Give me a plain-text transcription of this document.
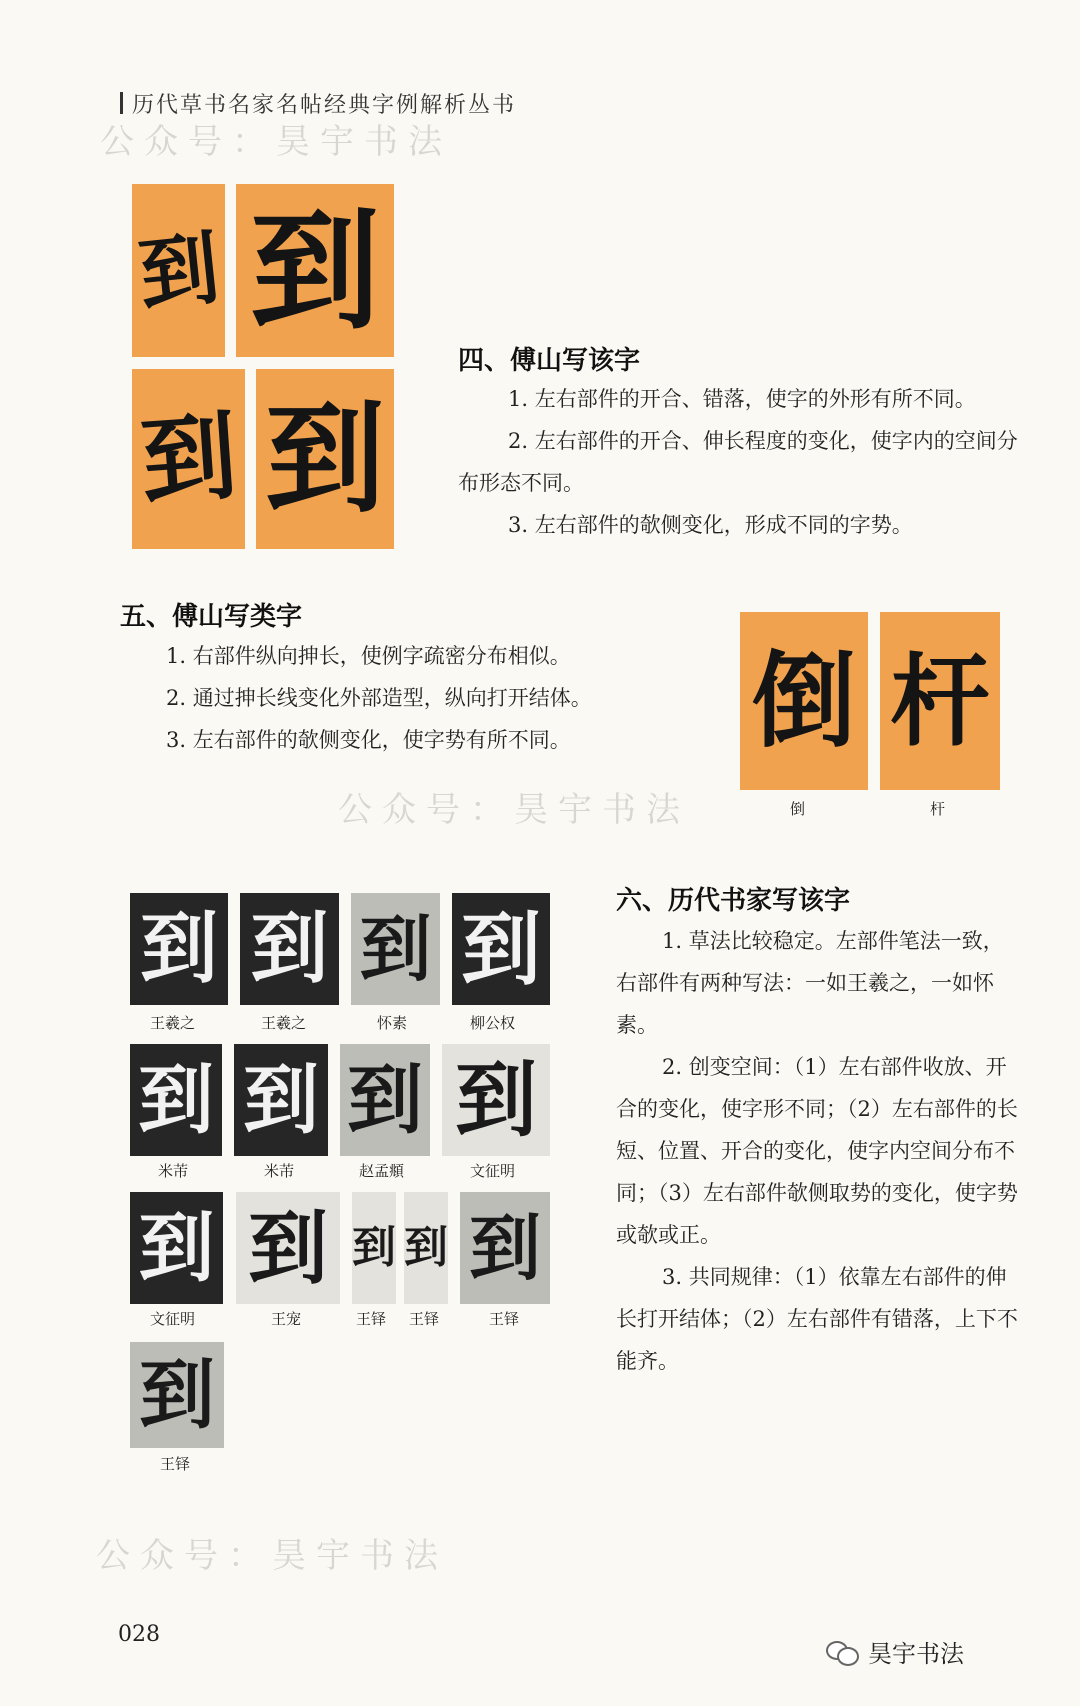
历代草书名家名帖经典字例解析丛书
公众号：昊宇书法
公众号：昊宇书法
公众号：昊宇书法
到 到
到 到
四、傅山写该字
1. 左右部件的开合、错落，使字的外形有所不同。
2. 左右部件的开合、伸长程度的变化，使字内的空间分布形态不同。
3. 左右部件的欹侧变化，形成不同的字势。
五、傅山写类字
1. 右部件纵向抻长，使例字疏密分布相似。
2. 通过抻长线变化外部造型，纵向打开结体。
3. 左右部件的欹侧变化，使字势有所不同。 倒 杆
倒	杆
到 到 到 到
王羲之	王羲之	怀素	柳公权
到 到 到 到
米芾	米芾	赵孟頫	文征明
到 到 到 到 到
文征明	王宠	王铎 王铎	王铎
到
王铎
六、历代书家写该字
1. 草法比较稳定。左部件笔法一致，右部件有两种写法：一如王羲之，一如怀素。
2. 创变空间：（1）左右部件收放、开合的变化，使字形不同；（2）左右部件的长短、位置、开合的变化，使字内空间分布不同；（3）左右部件欹侧取势的变化，使字势或欹或正。
3. 共同规律：（1）依靠左右部件的伸长打开结体；（2）左右部件有错落，上下不能齐。
028
昊宇书法
